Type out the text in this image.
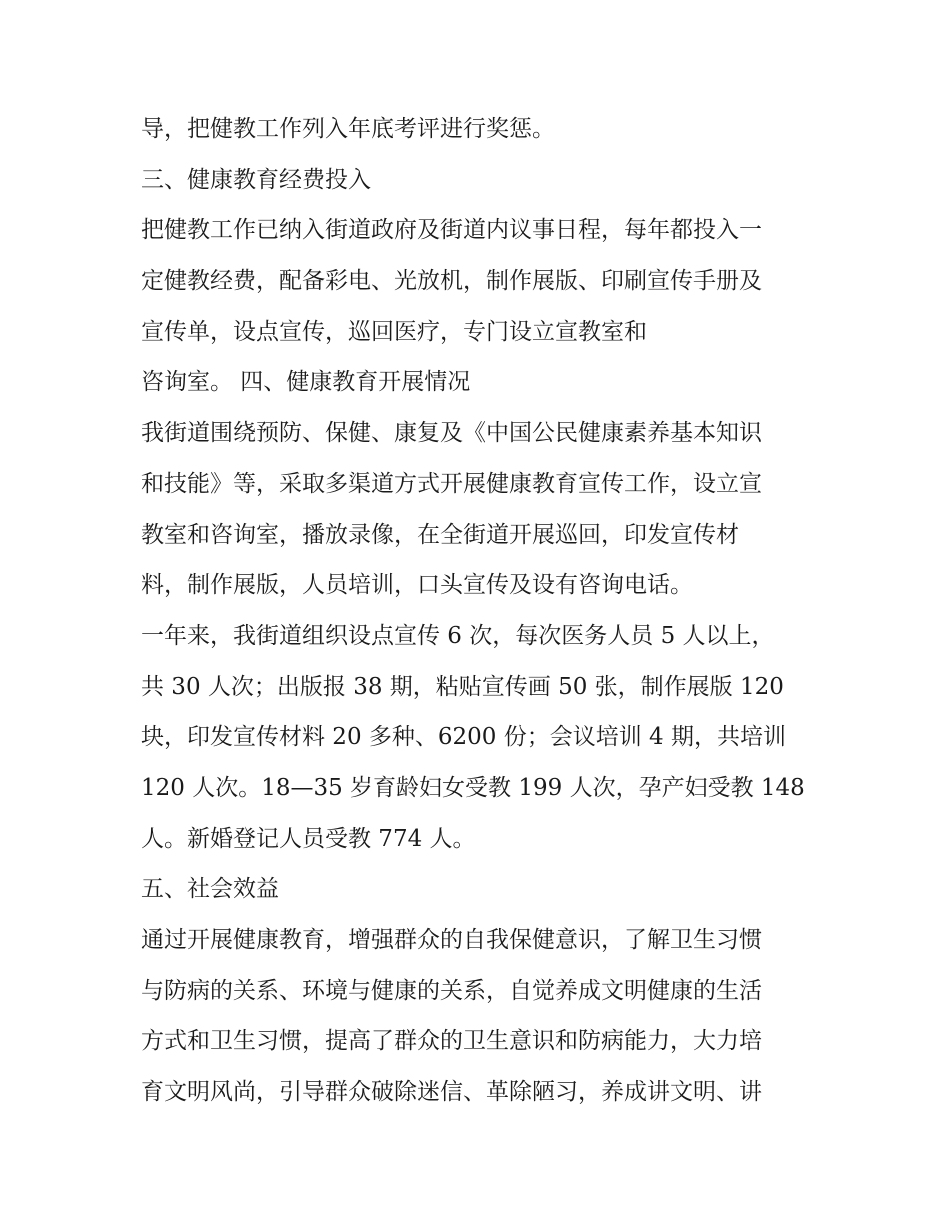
导，把健教工作列入年底考评进行奖惩。
三、健康教育经费投入
把健教工作已纳入街道政府及街道内议事日程，每年都投入一
定健教经费，配备彩电、光放机，制作展版、印刷宣传手册及
宣传单，设点宣传，巡回医疗，专门设立宣教室和
咨询室。 四、健康教育开展情况
我街道围绕预防、保健、康复及《中国公民健康素养基本知识
和技能》等，采取多渠道方式开展健康教育宣传工作，设立宣
教室和咨询室，播放录像，在全街道开展巡回，印发宣传材
料，制作展版，人员培训，口头宣传及设有咨询电话。
一年来，我街道组织设点宣传 6 次，每次医务人员 5 人以上，
共 30 人次；出版报 38 期，粘贴宣传画 50 张，制作展版 120
块，印发宣传材料 20 多种、6200 份；会议培训 4 期，共培训
120 人次。18—35 岁育龄妇女受教 199 人次，孕产妇受教 148
人。新婚登记人员受教 774 人。
五、社会效益
通过开展健康教育，增强群众的自我保健意识，了解卫生习惯
与防病的关系、环境与健康的关系，自觉养成文明健康的生活
方式和卫生习惯，提高了群众的卫生意识和防病能力，大力培
育文明风尚，引导群众破除迷信、革除陋习，养成讲文明、讲
